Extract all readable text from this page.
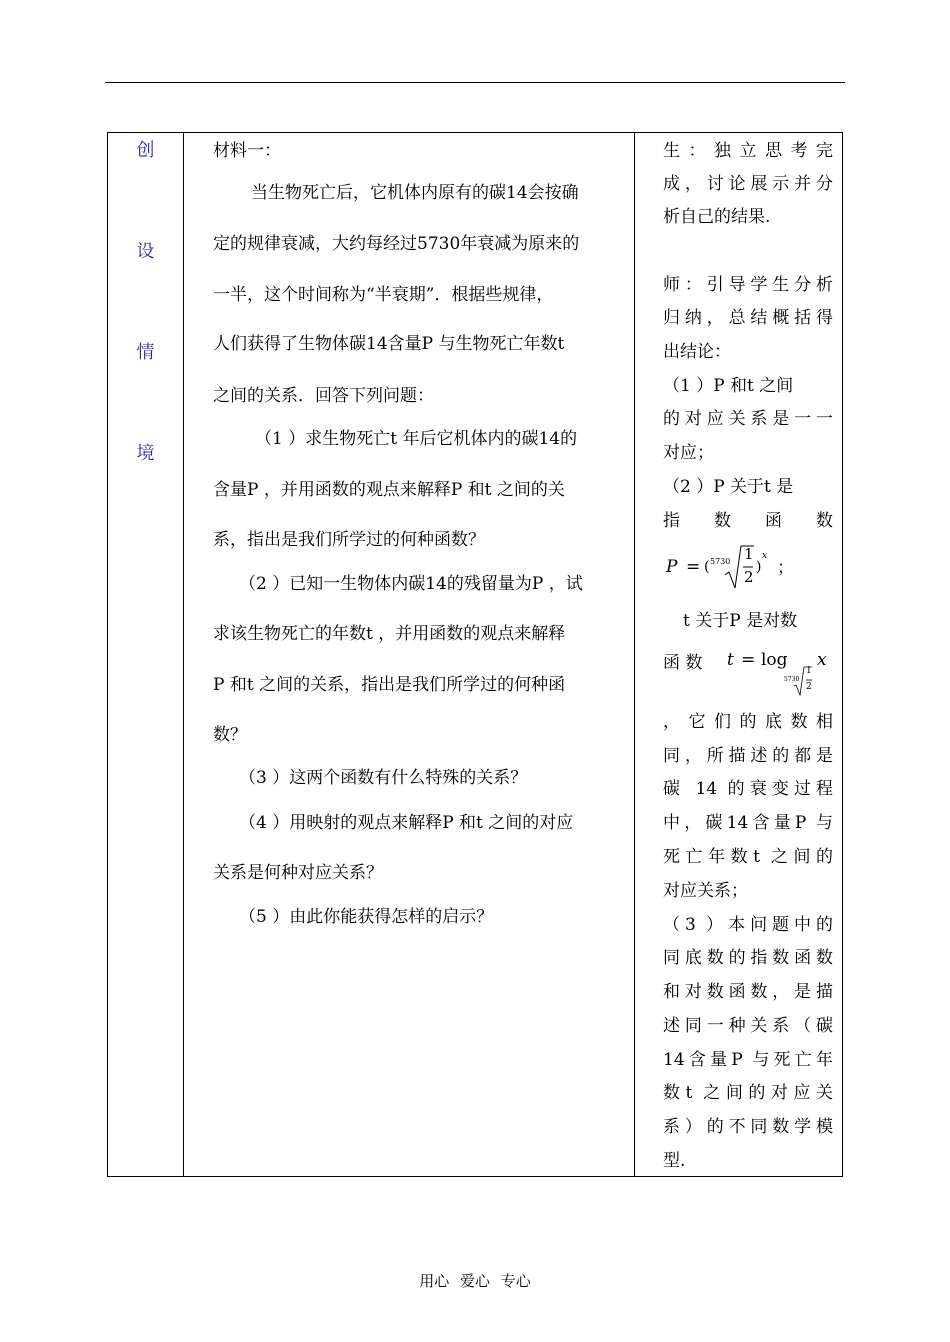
创
设
情
境
材料一：
当生物死亡后，它机体内原有的碳14会按确
定的规律衰减，大约每经过5730年衰减为原来的
一半，这个时间称为“半衰期”．根据些规律，
人们获得了生物体碳14含量P 与生物死亡年数t
之间的关系．回答下列问题：
（1 ）求生物死亡t 年后它机体内的碳14的
含量P ，并用函数的观点来解释P 和t 之间的关
系，指出是我们所学过的何种函数？
（2 ）已知一生物体内碳14的残留量为P ，试
求该生物死亡的年数t ，并用函数的观点来解释
P 和t 之间的关系，指出是我们所学过的何种函
数？
（3 ）这两个函数有什么特殊的关系？
（4 ）用映射的观点来解释P 和t 之间的对应
关系是何种对应关系？
（5 ）由此你能获得怎样的启示？
生：独立思考完
成，讨论展示并分
析自己的结果.
师：引导学生分析
归纳，总结概括得
出结论：
（1 ）P 和t 之间
的对应关系是一一
对应；
（2 ）P 关于t 是
指 数 函 数
P = ( 5730 1
2
)
x
；
t 关于P 是对数
函 数	t = log
5730
1
2
x
，它们的底数相
同，所描述的都是
碳 14 的衰变过程
中，碳14含量P 与
死亡年数t 之间的
对应关系；
（3 ）本问题中的
同底数的指数函数
和对数函数，是描
述同一种关系（碳
14含量P 与死亡年
数t 之间的对应关
系）的不同数学模
型.
用心 爱心 专心
